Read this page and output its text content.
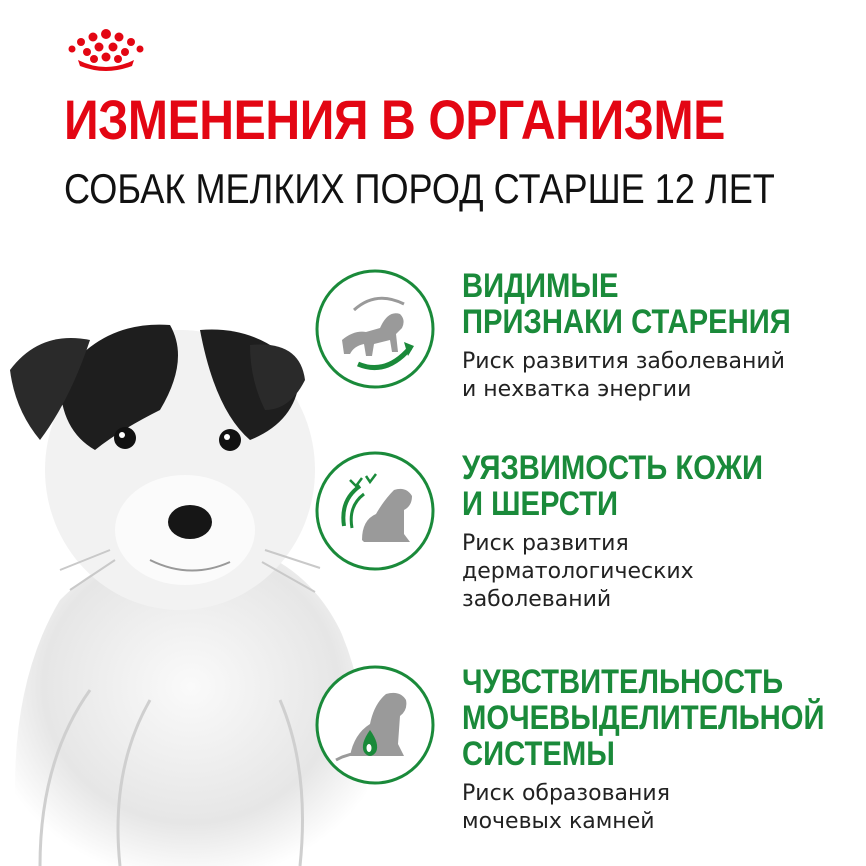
ИЗМЕНЕНИЯ В ОРГАНИЗМЕ
СОБАК МЕЛКИХ ПОРОД СТАРШЕ 12 ЛЕТ

ВИДИМЫЕ

ПРИЗНАКИ СТАРЕНИЯ

Риск развития заболеваний
и нехватка энергии

УЯЗВИМОСТЬ КОЖИ

И ШЕРСТИ

Риск развития
дерматологических
заболеваний

ЧУВСТВИТЕЛЬНОСТЬ

МОЧЕВЫДЕЛИТЕЛЬНОЙ

СИСТЕМЫ

Риск образования
мочевых камней
